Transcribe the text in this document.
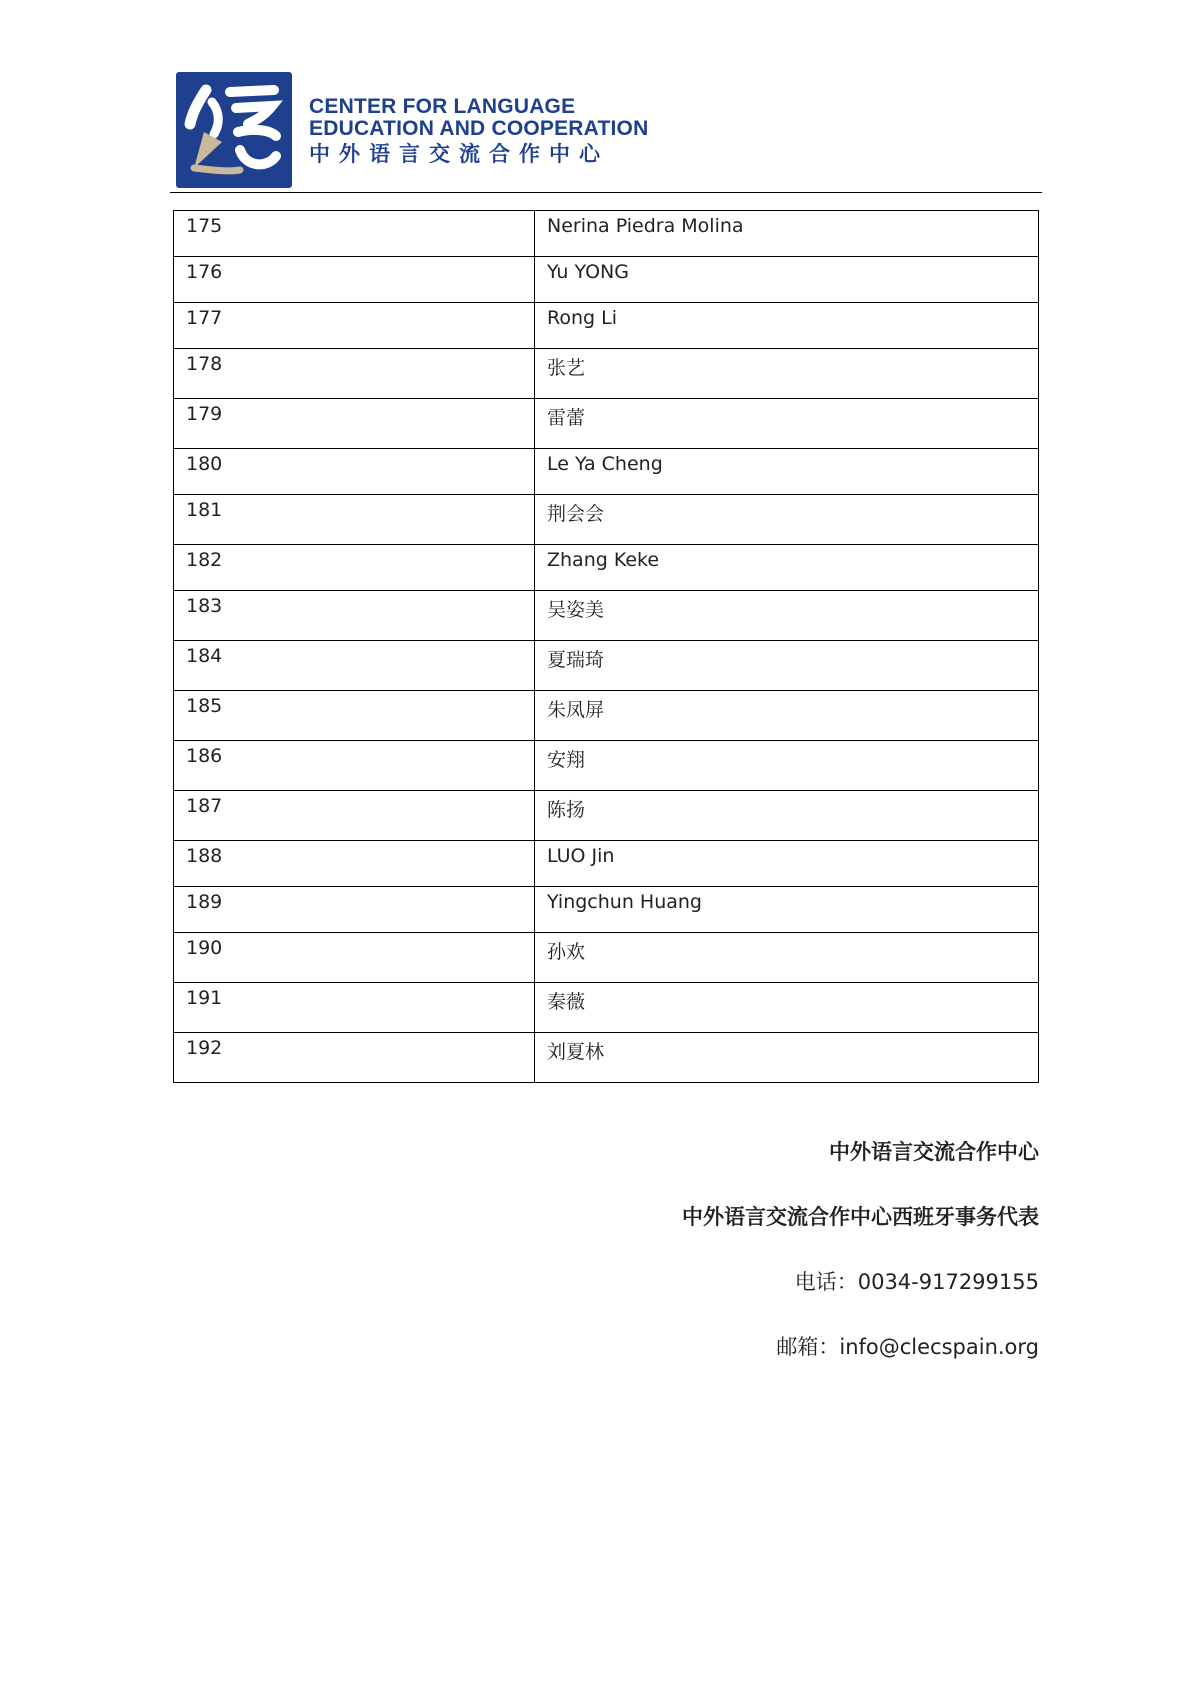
CENTER FOR LANGUAGE
EDUCATION AND COOPERATION
中外语言交流合作中心
175	Nerina Piedra Molina
176	Yu YONG
177	Rong Li
178	张艺
179	雷蕾
180	Le Ya Cheng
181	荆会会
182	Zhang Keke
183	吴姿美
184	夏瑞琦
185	朱凤屏
186	安翔
187	陈扬
188	LUO Jin
189	Yingchun Huang
190	孙欢
191	秦薇
192	刘夏林
中外语言交流合作中心
中外语言交流合作中心西班牙事务代表
电话：0034-917299155
邮箱：info@clecspain.org
